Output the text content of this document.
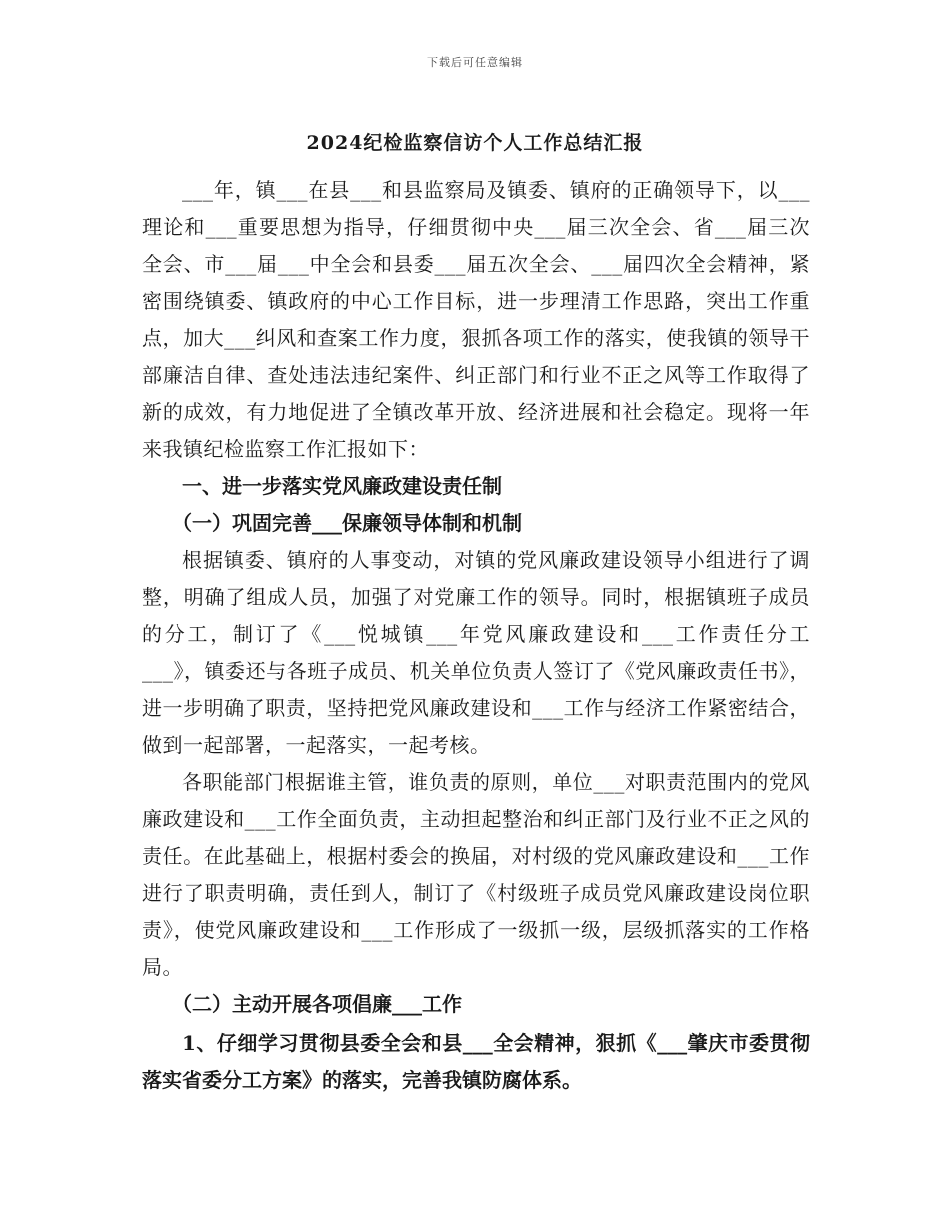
下载后可任意编辑
2024纪检监察信访个人工作总结汇报

___年，镇___在县___和县监察局及镇委、镇府的正确领导下，以___理论和___重要思想为指导，仔细贯彻中央___届三次全会、省___届三次全会、市___届___中全会和县委___届五次全会、___届四次全会精神，紧密围绕镇委、镇政府的中心工作目标，进一步理清工作思路，突出工作重点，加大___纠风和查案工作力度，狠抓各项工作的落实，使我镇的领导干部廉洁自律、查处违法违纪案件、纠正部门和行业不正之风等工作取得了新的成效，有力地促进了全镇改革开放、经济进展和社会稳定。现将一年来我镇纪检监察工作汇报如下：

一、进一步落实党风廉政建设责任制

（一）巩固完善___保廉领导体制和机制

根据镇委、镇府的人事变动，对镇的党风廉政建设领导小组进行了调整，明确了组成人员，加强了对党廉工作的领导。同时，根据镇班子成员的分工，制订了《___悦城镇___年党风廉政建设和___工作责任分工___》，镇委还与各班子成员、机关单位负责人签订了《党风廉政责任书》，进一步明确了职责，坚持把党风廉政建设和___工作与经济工作紧密结合，做到一起部署，一起落实，一起考核。

各职能部门根据谁主管，谁负责的原则，单位___对职责范围内的党风廉政建设和___工作全面负责，主动担起整治和纠正部门及行业不正之风的责任。在此基础上，根据村委会的换届，对村级的党风廉政建设和___工作进行了职责明确，责任到人，制订了《村级班子成员党风廉政建设岗位职责》，使党风廉政建设和___工作形成了一级抓一级，层级抓落实的工作格局。

（二）主动开展各项倡廉___工作

1、仔细学习贯彻县委全会和县___全会精神，狠抓《___肇庆市委贯彻落实省委分工方案》的落实，完善我镇防腐体系。
